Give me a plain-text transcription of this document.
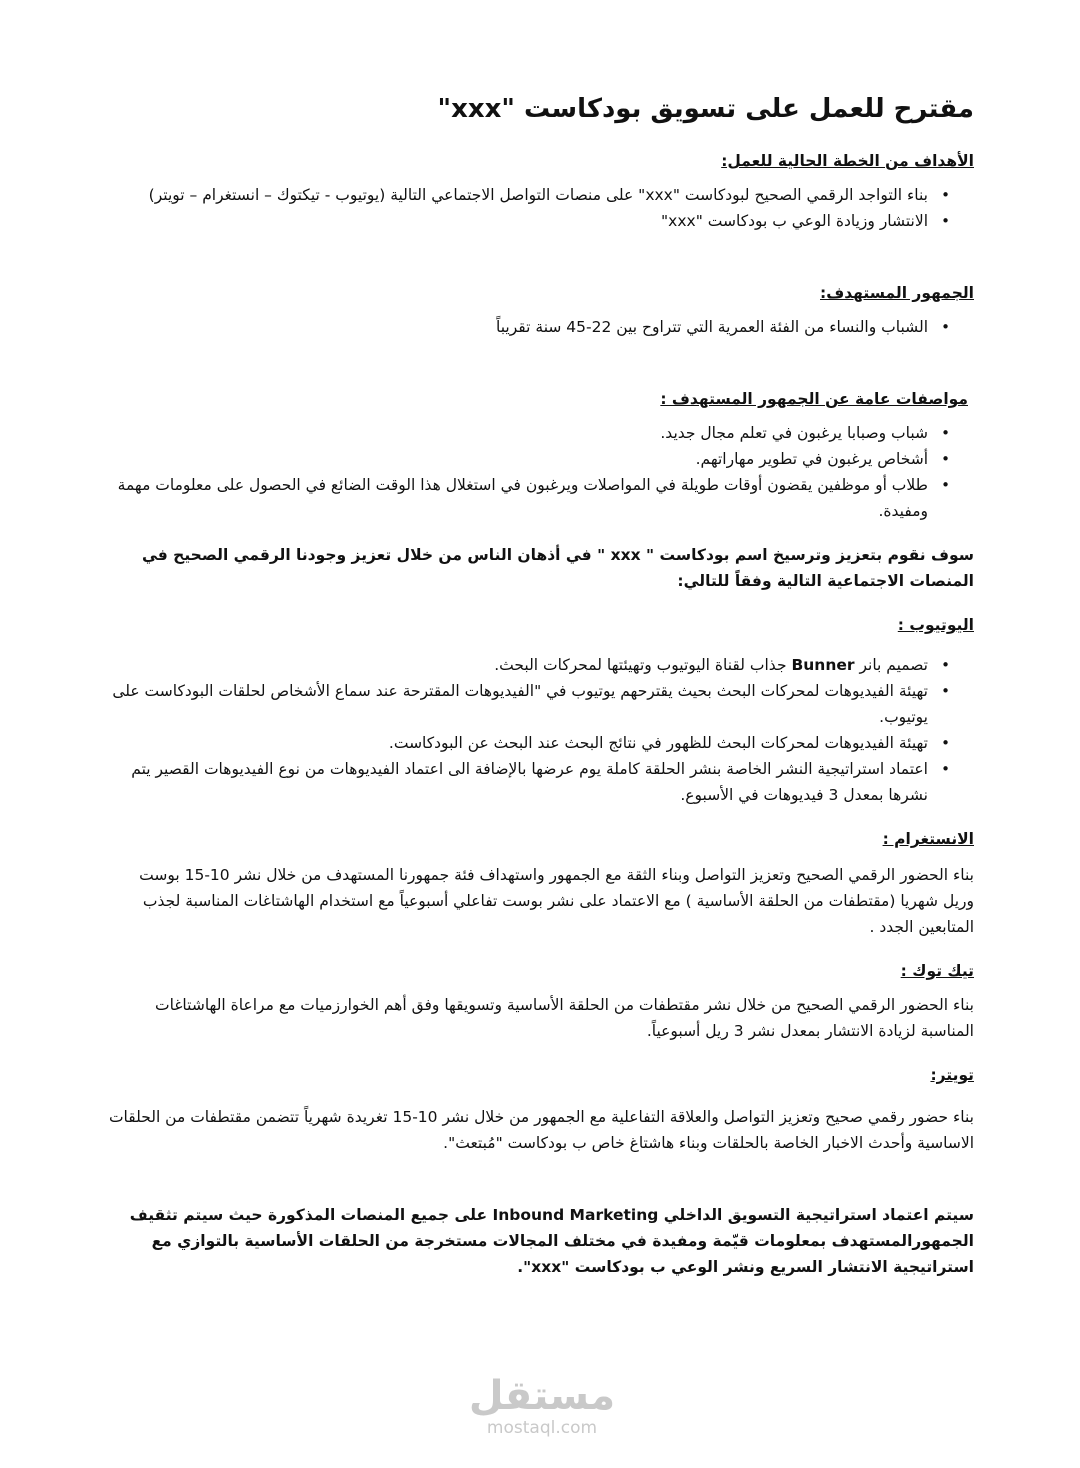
مقترح للعمل على تسويق بودكاست "xxx"

الأهداف من الخطة الحالية للعمل:

• بناء التواجد الرقمي الصحيح لبودكاست "xxx" على منصات التواصل الاجتماعي التالية (يوتيوب - تيكتوك – انستغرام – تويتر)
• الانتشار وزيادة الوعي ب بودكاست "xxx"

الجمهور المستهدف:

• الشباب والنساء من الفئة العمرية التي تتراوح بين 22-45 سنة تقريباً

مواصفات عامة عن الجمهور المستهدف :

• شباب وصبابا يرغبون في تعلم مجال جديد.
• أشخاص يرغبون في تطوير مهاراتهم.
• طلاب أو موظفين يقضون أوقات طويلة في المواصلات ويرغبون في استغلال هذا الوقت الضائع في الحصول على معلومات مهمة ومفيدة.

سوف نقوم بتعزيز وترسيخ اسم بودكاست " xxx " في أذهان الناس من خلال تعزيز وجودنا الرقمي الصحيح في المنصات الاجتماعية التالية وفقاً للتالي:

اليوتيوب :

• تصميم بانر Bunner جذاب لقناة اليوتيوب وتهيئتها لمحركات البحث.
• تهيئة الفيديوهات لمحركات البحث بحيث يقترحهم يوتيوب في "الفيديوهات المقترحة عند سماع الأشخاص لحلقات البودكاست على يوتيوب.
• تهيئة الفيديوهات لمحركات البحث للظهور في نتائج البحث عند البحث عن البودكاست.
• اعتماد استراتيجية النشر الخاصة بنشر الحلقة كاملة يوم عرضها بالإضافة الى اعتماد الفيديوهات من نوع الفيديوهات القصير يتم نشرها بمعدل 3 فيديوهات في الأسبوع.

الانستغرام :

بناء الحضور الرقمي الصحيح وتعزيز التواصل وبناء الثقة مع الجمهور واستهداف فئة جمهورنا المستهدف من خلال نشر 10-15 بوست وريل شهريا (مقتطفات من الحلقة الأساسية ) مع الاعتماد على نشر بوست تفاعلي أسبوعياً مع استخدام الهاشتاغات المناسبة لجذب المتابعين الجدد .

تيك توك :

بناء الحضور الرقمي الصحيح من خلال نشر مقتطفات من الحلقة الأساسية وتسويقها وفق أهم الخوارزميات مع مراعاة الهاشتاغات المناسبة لزيادة الانتشار بمعدل نشر 3 ريل أسبوعياً.

تويتر:

بناء حضور رقمي صحيح وتعزيز التواصل والعلاقة التفاعلية مع الجمهور من خلال نشر 10-15 تغريدة شهرياً تتضمن مقتطفات من الحلقات الاساسية وأحدث الاخبار الخاصة بالحلقات وبناء هاشتاغ خاص ب بودكاست "مُبتعث".

سيتم اعتماد استراتيجية التسويق الداخلي Inbound Marketing على جميع المنصات المذكورة حيث سيتم تثقيف الجمهورالمستهدف بمعلومات قيّمة ومفيدة في مختلف المجالات مستخرجة من الحلقات الأساسية بالتوازي مع استراتيجية الانتشار السريع ونشر الوعي ب بودكاست "xxx".

مستقل
mostaql.com
